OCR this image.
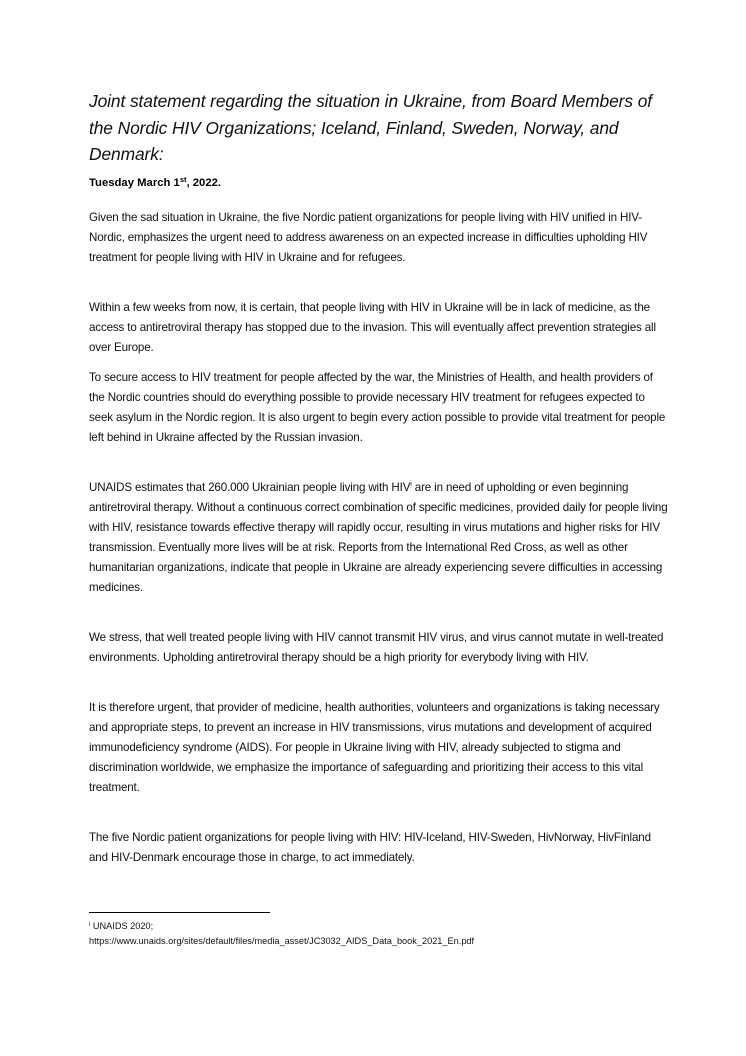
Joint statement regarding the situation in Ukraine, from Board Members of the Nordic HIV Organizations; Iceland, Finland, Sweden, Norway, and Denmark:
Tuesday March 1st, 2022.

Given the sad situation in Ukraine, the five Nordic patient organizations for people living with HIV unified in HIV-Nordic, emphasizes the urgent need to address awareness on an expected increase in difficulties upholding HIV treatment for people living with HIV in Ukraine and for refugees.

Within a few weeks from now, it is certain, that people living with HIV in Ukraine will be in lack of medicine, as the access to antiretroviral therapy has stopped due to the invasion. This will eventually affect prevention strategies all over Europe.

To secure access to HIV treatment for people affected by the war, the Ministries of Health, and health providers of the Nordic countries should do everything possible to provide necessary HIV treatment for refugees expected to seek asylum in the Nordic region. It is also urgent to begin every action possible to provide vital treatment for people left behind in Ukraine affected by the Russian invasion.

UNAIDS estimates that 260.000 Ukrainian people living with HIV$^i$ are in need of upholding or even beginning antiretroviral therapy. Without a continuous correct combination of specific medicines, provided daily for people living with HIV, resistance towards effective therapy will rapidly occur, resulting in virus mutations and higher risks for HIV transmission. Eventually more lives will be at risk. Reports from the International Red Cross, as well as other humanitarian organizations, indicate that people in Ukraine are already experiencing severe difficulties in accessing medicines.

We stress, that well treated people living with HIV cannot transmit HIV virus, and virus cannot mutate in well-treated environments. Upholding antiretroviral therapy should be a high priority for everybody living with HIV.

It is therefore urgent, that provider of medicine, health authorities, volunteers and organizations is taking necessary and appropriate steps, to prevent an increase in HIV transmissions, virus mutations and development of acquired immunodeficiency syndrome (AIDS). For people in Ukraine living with HIV, already subjected to stigma and discrimination worldwide, we emphasize the importance of safeguarding and prioritizing their access to this vital treatment.

The five Nordic patient organizations for people living with HIV: HIV-Iceland, HIV-Sweden, HivNorway, HivFinland and HIV-Denmark encourage those in charge, to act immediately.

$^i$ UNAIDS 2020;
https://www.unaids.org/sites/default/files/media_asset/JC3032_AIDS_Data_book_2021_En.pdf
